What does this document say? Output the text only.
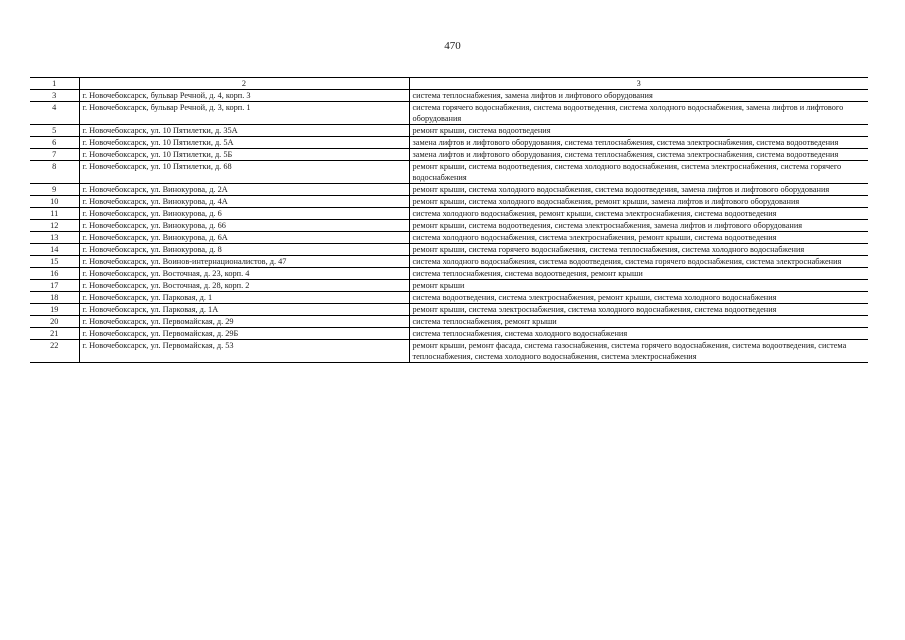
470
1	2	3
3	г. Новочебоксарск, бульвар Речной, д. 4, корп. 3	система теплоснабжения, замена лифтов и лифтового оборудования
4	г. Новочебоксарск, бульвар Речной, д. 3, корп. 1	система горячего водоснабжения, система водоотведения, система холодного водоснабжения, замена лифтов и лифтового оборудования
5	г. Новочебоксарск, ул. 10 Пятилетки, д. 35А	ремонт крыши, система водоотведения
6	г. Новочебоксарск, ул. 10 Пятилетки, д. 5А	замена лифтов и лифтового оборудования, система теплоснабжения, система электроснабжения, система водоотведения
7	г. Новочебоксарск, ул. 10 Пятилетки, д. 5Б	замена лифтов и лифтового оборудования, система теплоснабжения, система электроснабжения, система водоотведения
8	г. Новочебоксарск, ул. 10 Пятилетки, д. 68	ремонт крыши, система водоотведения, система холодного водоснабжения, система электроснабжения, система горячего водоснабжения
9	г. Новочебоксарск, ул. Винокурова, д. 2А	ремонт крыши, система холодного водоснабжения, система водоотведения, замена лифтов и лифтового оборудования
10	г. Новочебоксарск, ул. Винокурова, д. 4А	ремонт крыши, система холодного водоснабжения, ремонт крыши, замена лифтов и лифтового оборудования
11	г. Новочебоксарск, ул. Винокурова, д. 6	система холодного водоснабжения, ремонт крыши, система электроснабжения, система водоотведения
12	г. Новочебоксарск, ул. Винокурова, д. 66	ремонт крыши, система водоотведения, система электроснабжения, замена лифтов и лифтового оборудования
13	г. Новочебоксарск, ул. Винокурова, д. 6А	система холодного водоснабжения, система электроснабжения, ремонт крыши, система водоотведения
14	г. Новочебоксарск, ул. Винокурова, д. 8	ремонт крыши, система горячего водоснабжения, система теплоснабжения, система холодного водоснабжения
15	г. Новочебоксарск, ул. Воинов-интернационалистов, д. 47	система холодного водоснабжения, система водоотведения, система горячего водоснабжения, система электроснабжения
16	г. Новочебоксарск, ул. Восточная, д. 23, корп. 4	система теплоснабжения, система водоотведения, ремонт крыши
17	г. Новочебоксарск, ул. Восточная, д. 28, корп. 2	ремонт крыши
18	г. Новочебоксарск, ул. Парковая, д. 1	система водоотведения, система электроснабжения, ремонт крыши, система холодного водоснабжения
19	г. Новочебоксарск, ул. Парковая, д. 1А	ремонт крыши, система электроснабжения, система холодного водоснабжения, система водоотведения
20	г. Новочебоксарск, ул. Первомайская, д. 29	система теплоснабжения, ремонт крыши
21	г. Новочебоксарск, ул. Первомайская, д. 29Б	система теплоснабжения, система холодного водоснабжения
22	г. Новочебоксарск, ул. Первомайская, д. 53	ремонт крыши, ремонт фасада, система газоснабжения, система горячего водоснабжения, система водоотведения, система теплоснабжения, система холодного водоснабжения, система электроснабжения
